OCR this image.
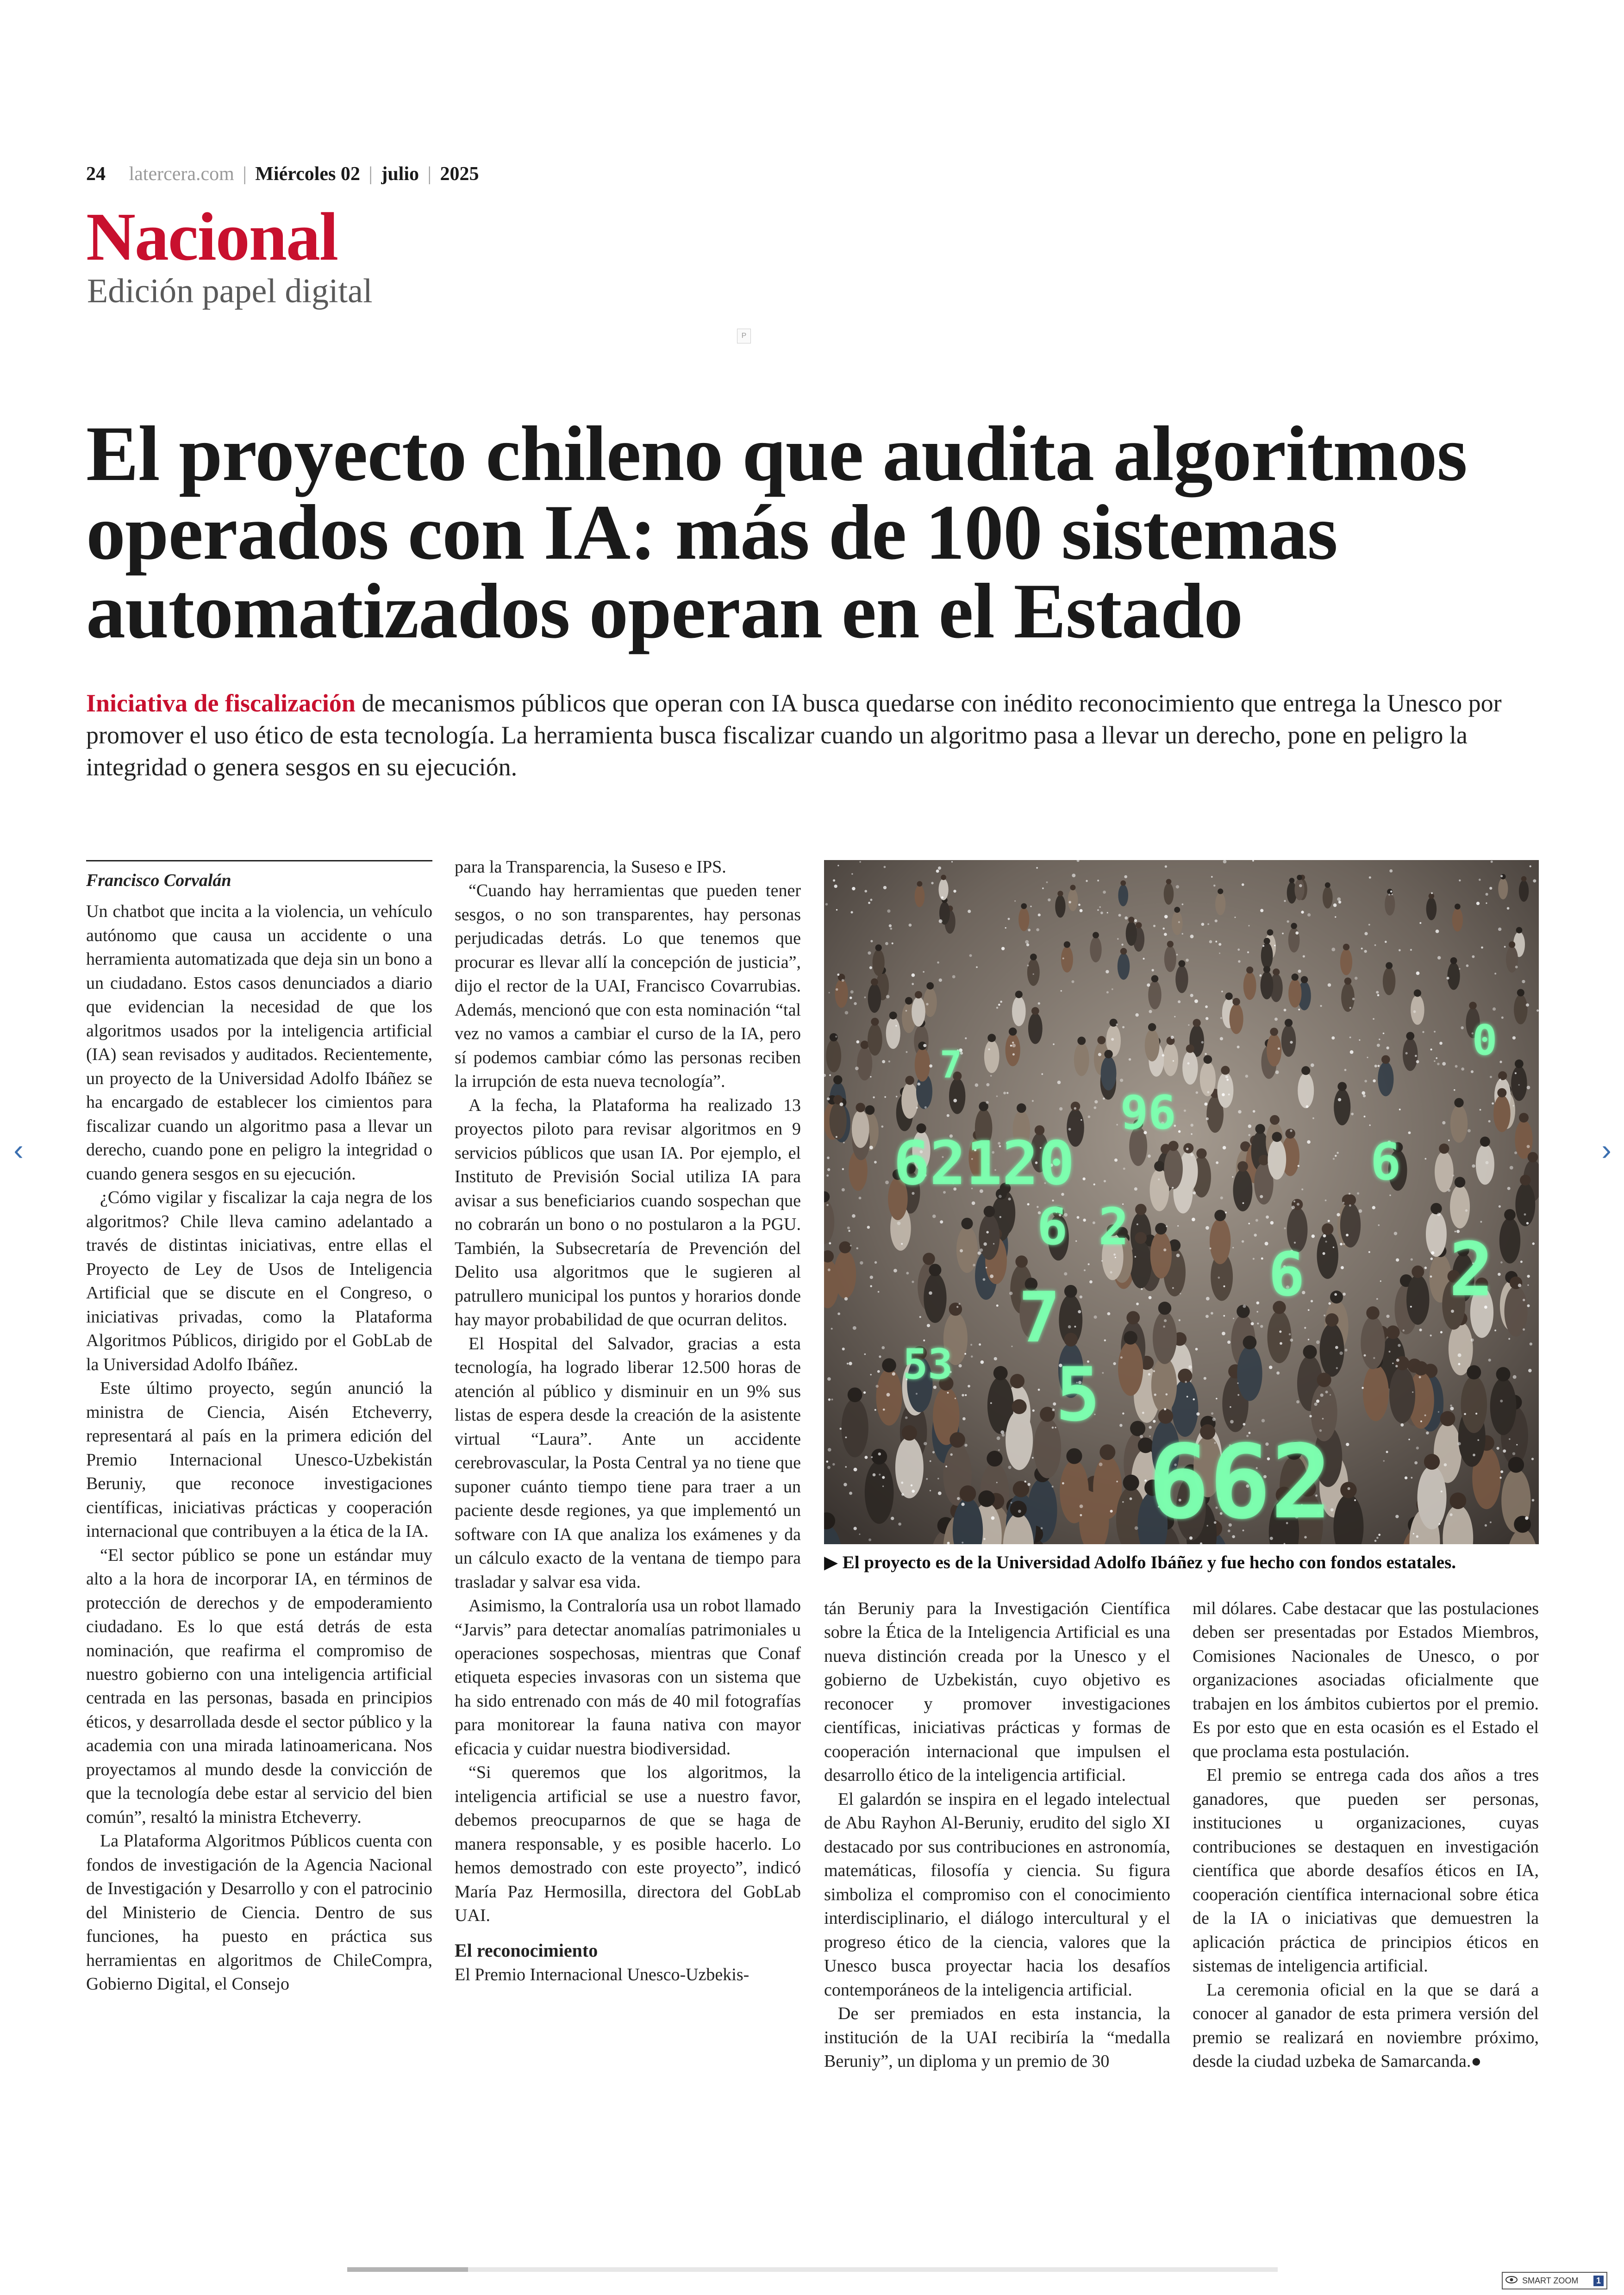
24 latercera.com | Miércoles 02 | julio | 2025
Nacional
Edición papel digital
P
El proyecto chileno que audita algoritmos operados con IA: más de 100 sistemas automatizados operan en el Estado

Iniciativa de fiscalización de mecanismos públicos que operan con IA busca quedarse con inédito reconocimiento que entrega la Unesco por promover el uso ético de esta tecnología. La herramienta busca fiscalizar cuando un algoritmo pasa a llevar un derecho, pone en peligro la integridad o genera sesgos en su ejecución.

Francisco Corvalán

Un chatbot que incita a la violencia, un vehículo autónomo que causa un accidente o una herramienta automatizada que deja sin un bono a un ciudadano. Estos casos denunciados a diario que evidencian la necesidad de que los algoritmos usados por la inteligencia artificial (IA) sean revisados y auditados. Recientemente, un proyecto de la Universidad Adolfo Ibáñez se ha encargado de establecer los cimientos para fiscalizar cuando un algoritmo pasa a llevar un derecho, cuando pone en peligro la integridad o cuando genera sesgos en su ejecución.

¿Cómo vigilar y fiscalizar la caja negra de los algoritmos? Chile lleva camino adelantado a través de distintas iniciativas, entre ellas el Proyecto de Ley de Usos de Inteligencia Artificial que se discute en el Congreso, o iniciativas privadas, como la Plataforma Algoritmos Públicos, dirigido por el GobLab de la Universidad Adolfo Ibáñez.

Este último proyecto, según anunció la ministra de Ciencia, Aisén Etcheverry, representará al país en la primera edición del Premio Internacional Unesco-Uzbekistán Beruniy, que reconoce investigaciones científicas, iniciativas prácticas y cooperación internacional que contribuyen a la ética de la IA.

“El sector público se pone un estándar muy alto a la hora de incorporar IA, en términos de protección de derechos y de empoderamiento ciudadano. Es lo que está detrás de esta nominación, que reafirma el compromiso de nuestro gobierno con una inteligencia artificial centrada en las personas, basada en principios éticos, y desarrollada desde el sector público y la academia con una mirada latinoamericana. Nos proyectamos al mundo desde la convicción de que la tecnología debe estar al servicio del bien común”, resaltó la ministra Etcheverry.

La Plataforma Algoritmos Públicos cuenta con fondos de investigación de la Agencia Nacional de Investigación y Desarrollo y con el patrocinio del Ministerio de Ciencia. Dentro de sus funciones, ha puesto en práctica sus herramientas en algoritmos de ChileCompra, Gobierno Digital, el Consejo

para la Transparencia, la Suseso e IPS.

“Cuando hay herramientas que pueden tener sesgos, o no son transparentes, hay personas perjudicadas detrás. Lo que tenemos que procurar es llevar allí la concepción de justicia”, dijo el rector de la UAI, Francisco Covarrubias. Además, mencionó que con esta nominación “tal vez no vamos a cambiar el curso de la IA, pero sí podemos cambiar cómo las personas reciben la irrupción de esta nueva tecnología”.

A la fecha, la Plataforma ha realizado 13 proyectos piloto para revisar algoritmos en 9 servicios públicos que usan IA. Por ejemplo, el Instituto de Previsión Social utiliza IA para avisar a sus beneficiarios cuando sospechan que no cobrarán un bono o no postularon a la PGU. También, la Subsecretaría de Prevención del Delito usa algoritmos que le sugieren al patrullero municipal los puntos y horarios donde hay mayor probabilidad de que ocurran delitos.

El Hospital del Salvador, gracias a esta tecnología, ha logrado liberar 12.500 horas de atención al público y disminuir en un 9% sus listas de espera desde la creación de la asistente virtual “Laura”. Ante un accidente cerebrovascular, la Posta Central ya no tiene que suponer cuánto tiempo tiene para traer a un paciente desde regiones, ya que implementó un software con IA que analiza los exámenes y da un cálculo exacto de la ventana de tiempo para trasladar y salvar esa vida.

Asimismo, la Contraloría usa un robot llamado “Jarvis” para detectar anomalías patrimoniales u operaciones sospechosas, mientras que Conaf etiqueta especies invasoras con un sistema que ha sido entrenado con más de 40 mil fotografías para monitorear la fauna nativa con mayor eficacia y cuidar nuestra biodiversidad.

“Si queremos que los algoritmos, la inteligencia artificial se use a nuestro favor, debemos preocuparnos de que se haga de manera responsable, y es posible hacerlo. Lo hemos demostrado con este proyecto”, indicó María Paz Hermosilla, directora del GobLab UAI.

El reconocimiento

El Premio Internacional Unesco-Uzbekis-

62120	6
6 2
7
5
662
96
2
53
0
7
6
▶ El proyecto es de la Universidad Adolfo Ibáñez y fue hecho con fondos estatales.

tán Beruniy para la Investigación Científica sobre la Ética de la Inteligencia Artificial es una nueva distinción creada por la Unesco y el gobierno de Uzbekistán, cuyo objetivo es reconocer y promover investigaciones científicas, iniciativas prácticas y formas de cooperación internacional que impulsen el desarrollo ético de la inteligencia artificial.

El galardón se inspira en el legado intelectual de Abu Rayhon Al-Beruniy, erudito del siglo XI destacado por sus contribuciones en astronomía, matemáticas, filosofía y ciencia. Su figura simboliza el compromiso con el conocimiento interdisciplinario, el diálogo intercultural y el progreso ético de la ciencia, valores que la Unesco busca proyectar hacia los desafíos contemporáneos de la inteligencia artificial.

De ser premiados en esta instancia, la institución de la UAI recibiría la “medalla Beruniy”, un diploma y un premio de 30

mil dólares. Cabe destacar que las postulaciones deben ser presentadas por Estados Miembros, Comisiones Nacionales de Unesco, o por organizaciones asociadas oficialmente que trabajen en los ámbitos cubiertos por el premio. Es por esto que en esta ocasión es el Estado el que proclama esta postulación.

El premio se entrega cada dos años a tres ganadores, que pueden ser personas, instituciones u organizaciones, cuyas contribuciones se destaquen en investigación científica que aborde desafíos éticos en IA, cooperación científica internacional sobre ética de la IA o iniciativas que demuestren la aplicación práctica de principios éticos en sistemas de inteligencia artificial.

La ceremonia oficial en la que se dará a conocer al ganador de esta primera versión del premio se realizará en noviembre próximo, desde la ciudad uzbeka de Samarcanda.●

‹	›
SMART ZOOM	1
